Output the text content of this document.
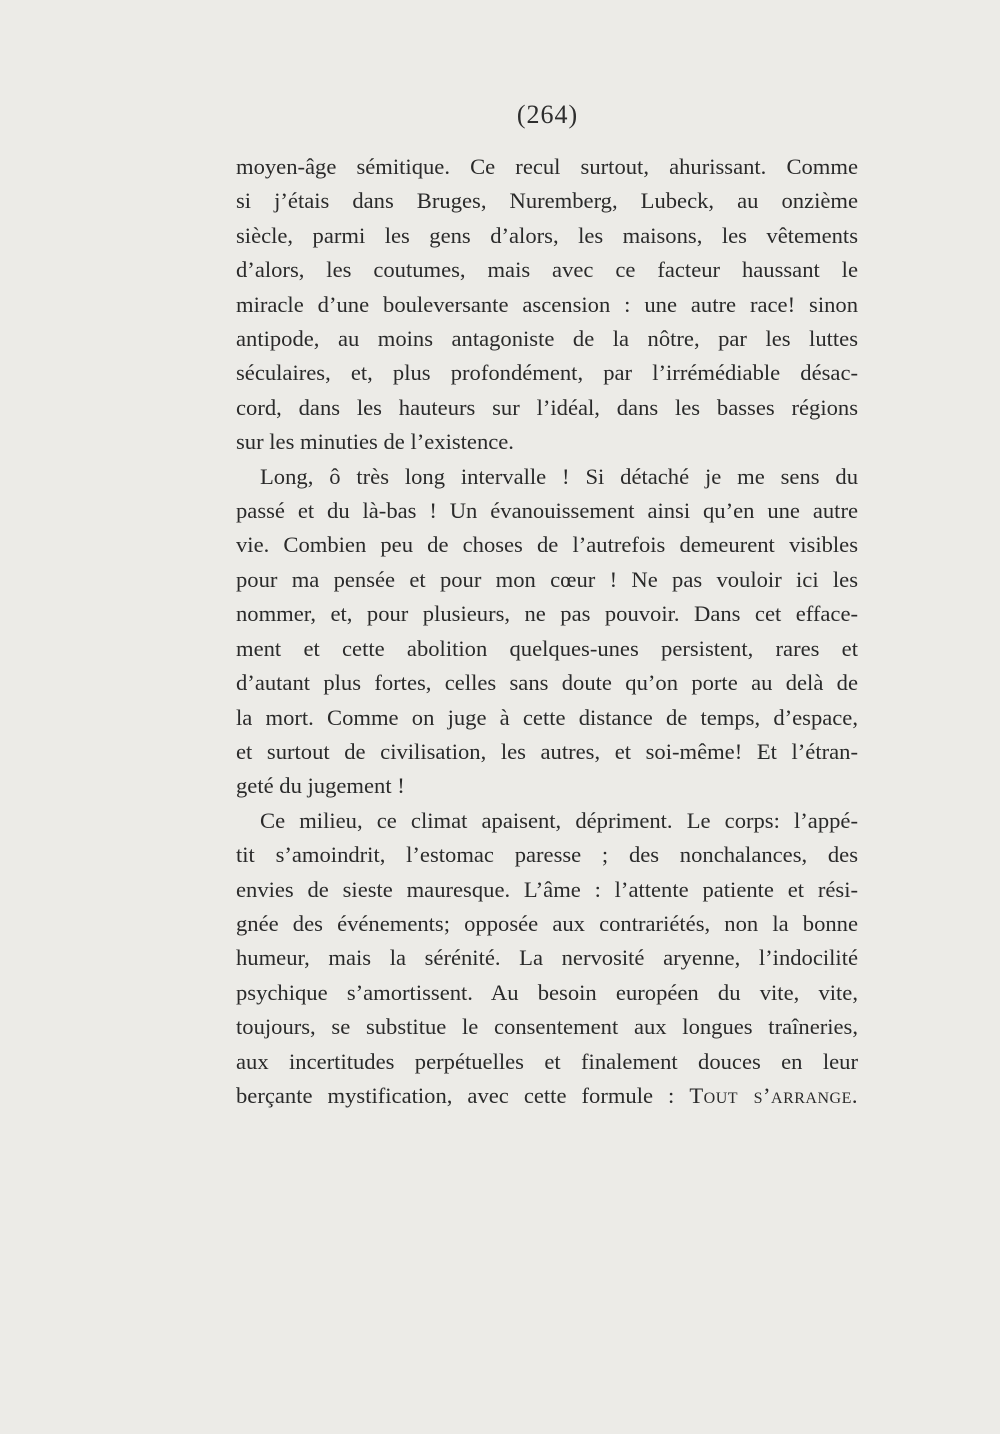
(264)
moyen-âge sémitique. Ce recul surtout, ahurissant. Comme
si j’étais dans Bruges, Nuremberg, Lubeck, au onzième
siècle, parmi les gens d’alors, les maisons, les vêtements
d’alors, les coutumes, mais avec ce facteur haussant le
miracle d’une bouleversante ascension : une autre race! sinon
antipode, au moins antagoniste de la nôtre, par les luttes
séculaires, et, plus profondément, par l’irrémédiable désac-
cord, dans les hauteurs sur l’idéal, dans les basses régions
sur les minuties de l’existence.
Long, ô très long intervalle ! Si détaché je me sens du
passé et du là-bas ! Un évanouissement ainsi qu’en une autre
vie. Combien peu de choses de l’autrefois demeurent visibles
pour ma pensée et pour mon cœur ! Ne pas vouloir ici les
nommer, et, pour plusieurs, ne pas pouvoir. Dans cet efface-
ment et cette abolition quelques-unes persistent, rares et
d’autant plus fortes, celles sans doute qu’on porte au delà de
la mort. Comme on juge à cette distance de temps, d’espace,
et surtout de civilisation, les autres, et soi-même! Et l’étran-
geté du jugement !
Ce milieu, ce climat apaisent, dépriment. Le corps: l’appé-
tit s’amoindrit, l’estomac paresse ; des nonchalances, des
envies de sieste mauresque. L’âme : l’attente patiente et rési-
gnée des événements; opposée aux contrariétés, non la bonne
humeur, mais la sérénité. La nervosité aryenne, l’indocilité
psychique s’amortissent. Au besoin européen du vite, vite,
toujours, se substitue le consentement aux longues traîneries,
aux incertitudes perpétuelles et finalement douces en leur
berçante mystification, avec cette formule : Tout s’arrange.
